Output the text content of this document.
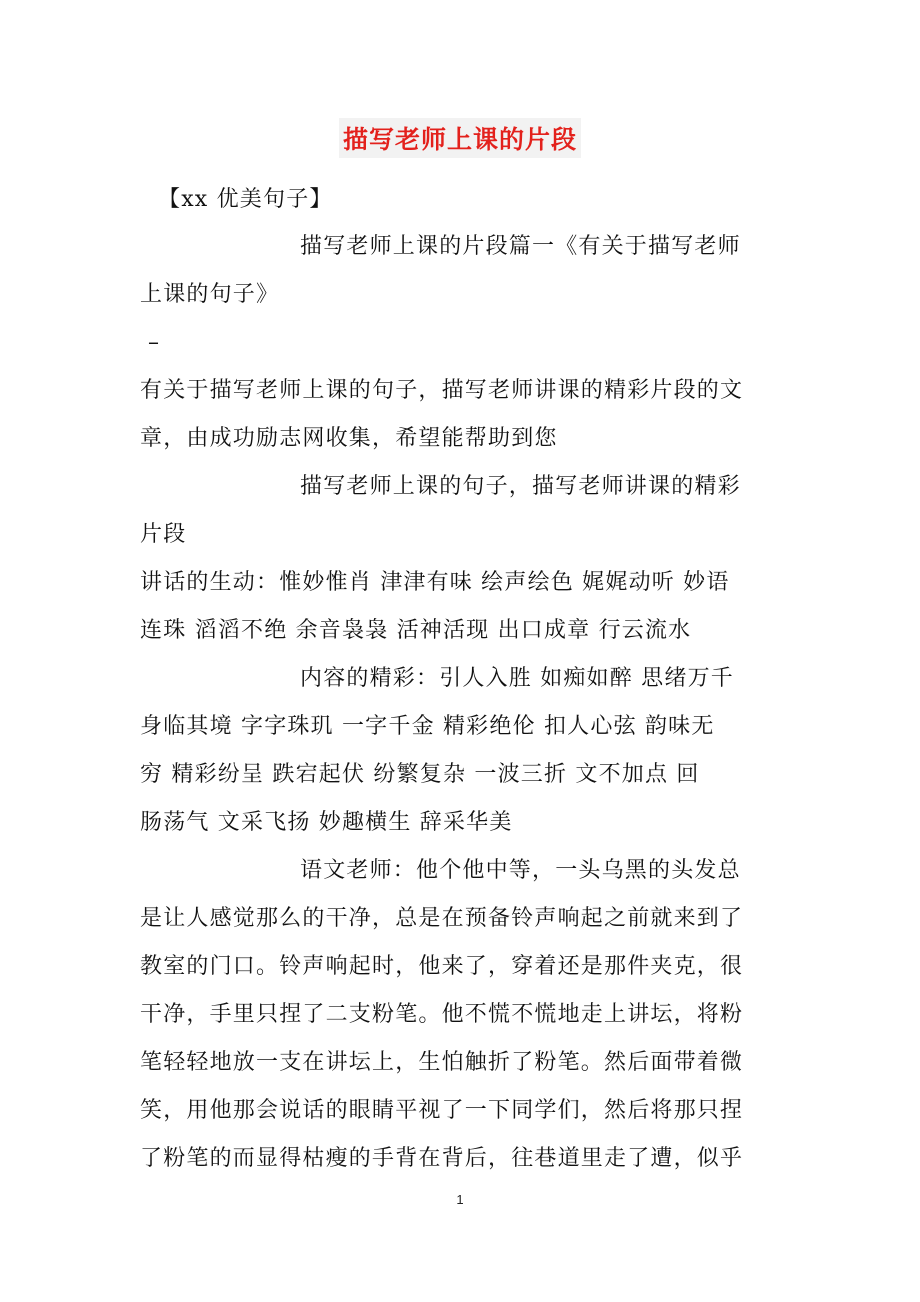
描写老师上课的片段
【xx 优美句子】
描写老师上课的片段篇一《有关于描写老师
上课的句子》
–
有关于描写老师上课的句子，描写老师讲课的精彩片段的文
章，由成功励志网收集，希望能帮助到您
描写老师上课的句子，描写老师讲课的精彩
片段
讲话的生动：惟妙惟肖 津津有味 绘声绘色 娓娓动听 妙语
连珠 滔滔不绝 余音袅袅 活神活现 出口成章 行云流水
内容的精彩：引人入胜 如痴如醉 思绪万千
身临其境 字字珠玑 一字千金 精彩绝伦 扣人心弦 韵味无
穷 精彩纷呈 跌宕起伏 纷繁复杂 一波三折 文不加点 回
肠荡气 文采飞扬 妙趣横生 辞采华美
语文老师：他个他中等，一头乌黑的头发总
是让人感觉那么的干净，总是在预备铃声响起之前就来到了
教室的门口。铃声响起时，他来了，穿着还是那件夹克，很
干净，手里只捏了二支粉笔。他不慌不慌地走上讲坛，将粉
笔轻轻地放一支在讲坛上，生怕触折了粉笔。然后面带着微
笑，用他那会说话的眼睛平视了一下同学们，然后将那只捏
了粉笔的而显得枯瘦的手背在背后，往巷道里走了遭，似乎
1
